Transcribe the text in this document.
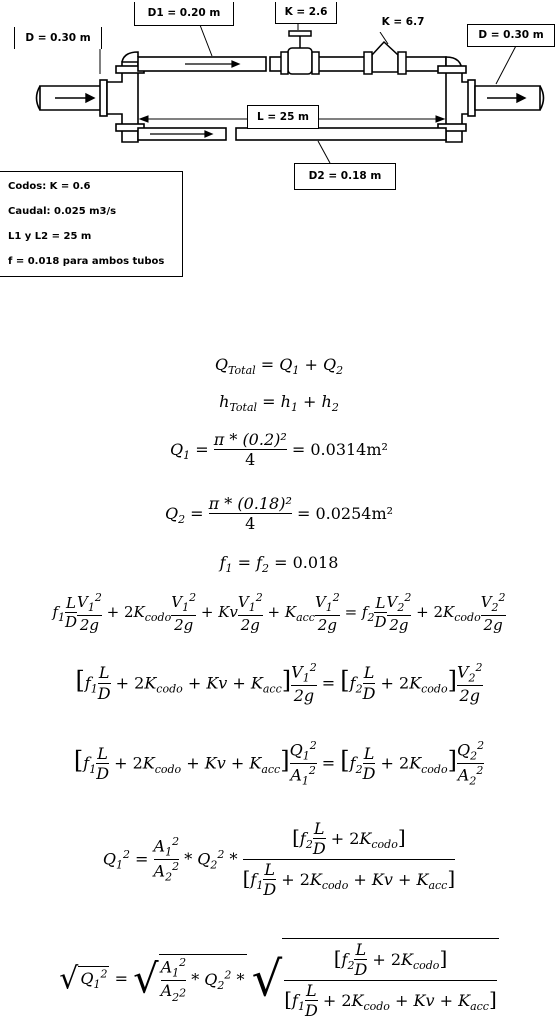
D = 0.30 m
D1 = 0.20 m	K = 2.6
K = 6.7
D = 0.30 m
L = 25 m
D2 = 0.18 m
Codos: K = 0.6
Caudal: 0.025 m3/s
L1 y L2 = 25 m
f = 0.018 para ambos tubos
$Q_{Total} = Q_1 + Q_2$
$h_{Total} = h_1 + h_2$
$Q_1 = \frac{\text{π * (0.2)²}}{4} = 0.0314m^2$
$Q_2 = \frac{\text{π * (0.18)²}}{4} = 0.0254m^2$
$f_1 = f_2 = 0.018$
$f_1 \frac{L}{D} \frac{V_1^2}{2g} + 2K_{codo} \frac{V_1^2}{2g} + Kv \frac{V_1^2}{2g} + K_{acc} \frac{V_1^2}{2g} = f_2 \frac{L}{D} \frac{V_2^2}{2g} + 2K_{codo} \frac{V_2^2}{2g}$
$[f_1 \frac{L}{D} + 2K_{codo} + Kv + K_{acc}] \frac{V_1^2}{2g} = [f_2 \frac{L}{D} + 2K_{codo}] \frac{V_2^2}{2g}$
$[f_1 \frac{L}{D} + 2K_{codo} + Kv + K_{acc}] \frac{Q_1^2}{A_1^2} = [f_2 \frac{L}{D} + 2K_{codo}] \frac{Q_2^2}{A_2^2}$
$Q_1^2 = \frac{A_1^2}{A_2^2} * Q_2^2 * \frac{[f_2 \frac{L}{D} + 2K_{codo}]}{[f_1 \frac{L}{D} + 2K_{codo} + Kv + K_{acc}]}$
√ $Q_1^2$ = √ $\frac{A_1^2}{A_{2^2}} * Q_2^2$ * √ $\frac{[f_2 \frac{L}{D} + 2K_{codo}]}{[f_1 \frac{L}{D} + 2K_{codo} + Kv + K_{acc}]}$
